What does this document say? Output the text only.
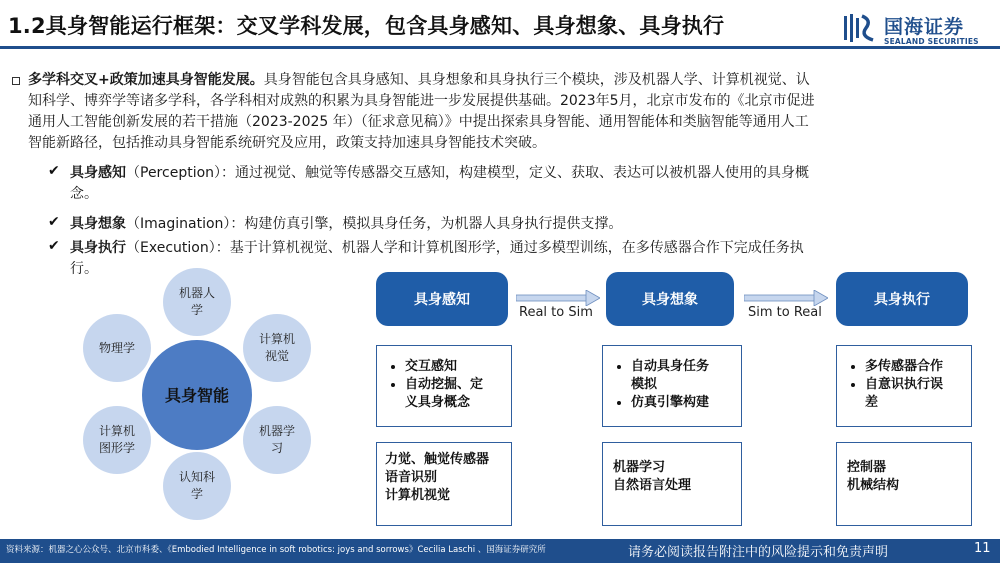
1.2具身智能运行框架：交叉学科发展，包含具身感知、具身想象、具身执行	国海证券
SEALAND SECURITIES
多学科交叉+政策加速具身智能发展。具身智能包含具身感知、具身想象和具身执行三个模块，涉及机器人学、计算机视觉、认
知科学、博弈学等诸多学科，各学科相对成熟的积累为具身智能进一步发展提供基础。2023年5月，北京市发布的《北京市促进
通用人工智能创新发展的若干措施（2023-2025 年）（征求意见稿）》中提出探索具身智能、通用智能体和类脑智能等通用人工
智能新路径，包括推动具身智能系统研究及应用，政策支持加速具身智能技术突破。
✔ 具身感知（Perception）：通过视觉、触觉等传感器交互感知，构建模型，定义、获取、表达可以被机器人使用的具身概
念。
✔ 具身想象（Imagination）：构建仿真引擎，模拟具身任务，为机器人具身执行提供支撑。
✔ 具身执行（Execution）：基于计算机视觉、机器人学和计算机图形学，通过多模型训练，在多传感器合作下完成任务执
行。
机器人
学
计算机
视觉
机器学
习
认知科
学
计算机
图形学
物理学
具身智能
具身感知	具身想象	具身执行
Real to Sim	Sim to Real
• 交互感知
• 自动挖掘、定
义具身概念
• 自动具身任务
模拟
• 仿真引擎构建
• 多传感器合作
• 自意识执行误
差
力觉、触觉传感器
语音识别
计算机视觉
机器学习
自然语言处理
控制器
机械结构
资料来源：机器之心公众号、北京市科委、《Embodied Intelligence in soft robotics: joys and sorrows》Cecilia Laschi 、国海证券研究所	请务必阅读报告附注中的风险提示和免责声明	11
